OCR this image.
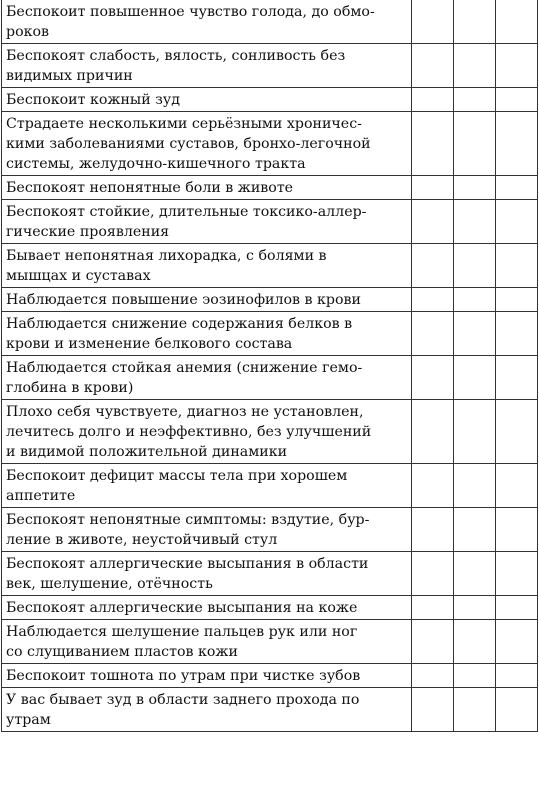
Беспокоит повышенное чувство голода, до обмо-
роков			
Беспокоят слабость, вялость, сонливость без
видимых причин			
Беспокоит кожный зуд			
Страдаете несколькими серьёзными хроничес-
кими заболеваниями суставов, бронхо-легочной
системы, желудочно-кишечного тракта			
Беспокоят непонятные боли в животе			
Беспокоят стойкие, длительные токсико-аллер-
гические проявления			
Бывает непонятная лихорадка, с болями в
мышцах и суставах			
Наблюдается повышение эозинофилов в крови			
Наблюдается снижение содержания белков в
крови и изменение белкового состава			
Наблюдается стойкая анемия (снижение гемо-
глобина в крови)			
Плохо себя чувствуете, диагноз не установлен,
лечитесь долго и неэффективно, без улучшений
и видимой положительной динамики			
Беспокоит дефицит массы тела при хорошем
аппетите			
Беспокоят непонятные симптомы: вздутие, бур-
ление в животе, неустойчивый стул			
Беспокоят аллергические высыпания в области
век, шелушение, отёчность			
Беспокоят аллергические высыпания на коже			
Наблюдается шелушение пальцев рук или ног
со слущиванием пластов кожи			
Беспокоит тошнота по утрам при чистке зубов			
У вас бывает зуд в области заднего прохода по
утрам			
